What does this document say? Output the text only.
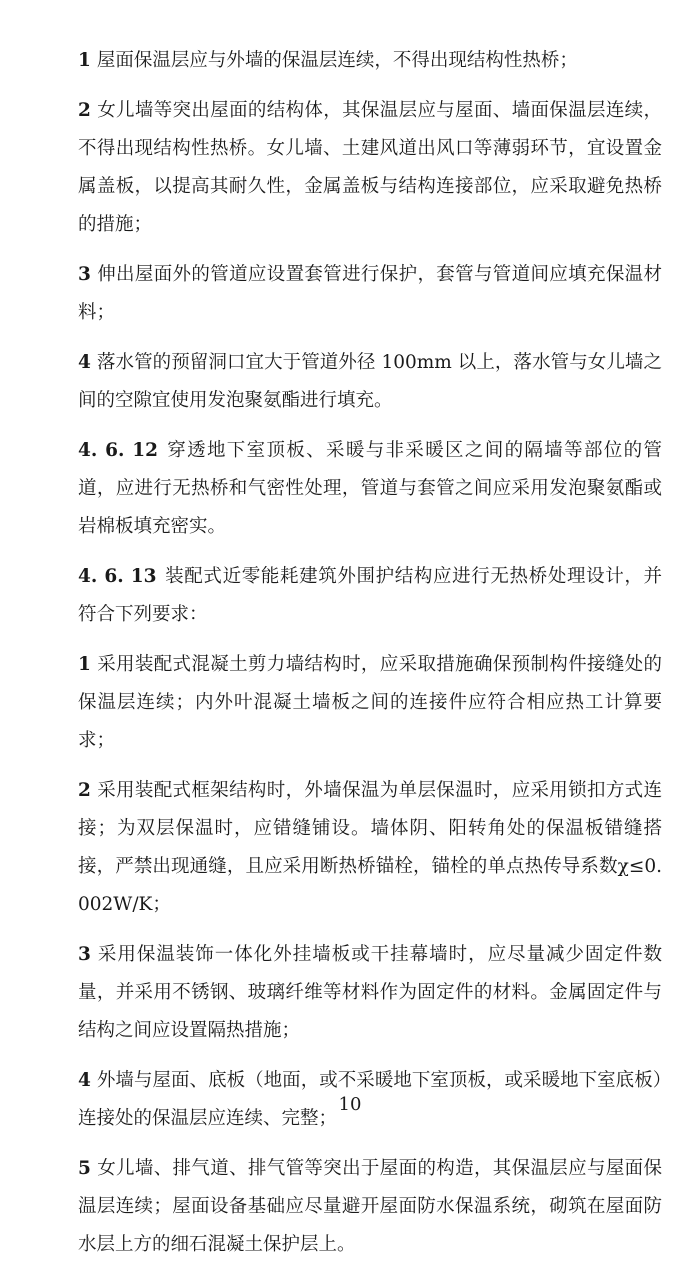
1 屋面保温层应与外墙的保温层连续，不得出现结构性热桥；

2 女儿墙等突出屋面的结构体，其保温层应与屋面、墙面保温层连续，不得出现结构性热桥。女儿墙、土建风道出风口等薄弱环节，宜设置金属盖板，以提高其耐久性，金属盖板与结构连接部位，应采取避免热桥的措施；

3 伸出屋面外的管道应设置套管进行保护，套管与管道间应填充保温材料；

4 落水管的预留洞口宜大于管道外径 100mm 以上，落水管与女儿墙之间的空隙宜使用发泡聚氨酯进行填充。

4. 6. 12 穿透地下室顶板、采暖与非采暖区之间的隔墙等部位的管道，应进行无热桥和气密性处理，管道与套管之间应采用发泡聚氨酯或岩棉板填充密实。

4. 6. 13 装配式近零能耗建筑外围护结构应进行无热桥处理设计，并符合下列要求：

1 采用装配式混凝土剪力墙结构时，应采取措施确保预制构件接缝处的保温层连续；内外叶混凝土墙板之间的连接件应符合相应热工计算要求；

2 采用装配式框架结构时，外墙保温为单层保温时，应采用锁扣方式连接；为双层保温时，应错缝铺设。墙体阴、阳转角处的保温板错缝搭接，严禁出现通缝，且应采用断热桥锚栓，锚栓的单点热传导系数χ≤0.002W/K；

3 采用保温装饰一体化外挂墙板或干挂幕墙时，应尽量减少固定件数量，并采用不锈钢、玻璃纤维等材料作为固定件的材料。金属固定件与结构之间应设置隔热措施；

4 外墙与屋面、底板（地面，或不采暖地下室顶板，或采暖地下室底板）连接处的保温层应连续、完整；

5 女儿墙、排气道、排气管等突出于屋面的构造，其保温层应与屋面保温层连续；屋面设备基础应尽量避开屋面防水保温系统，砌筑在屋面防水层上方的细石混凝土保护层上。

10
